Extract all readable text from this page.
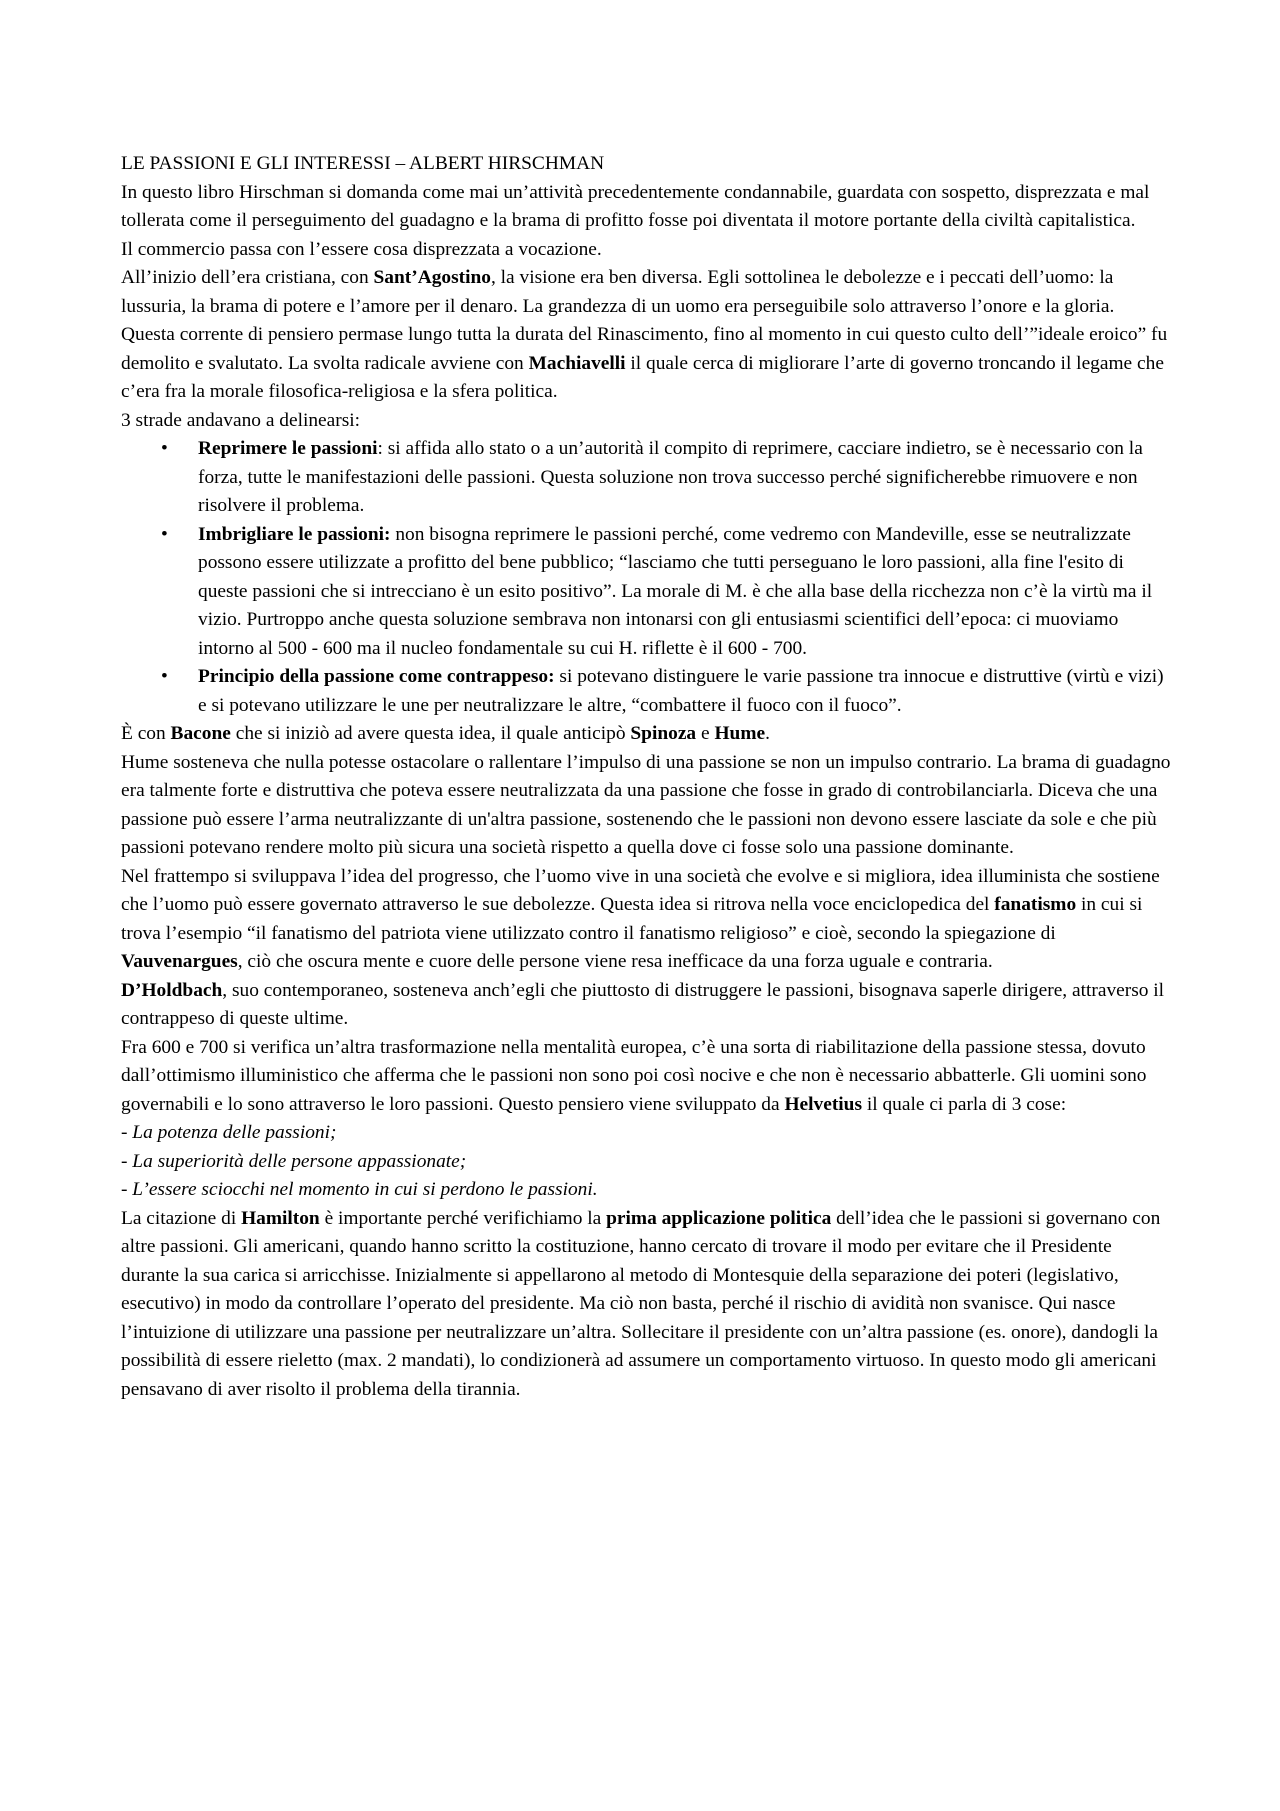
LE PASSIONI E GLI INTERESSI – ALBERT HIRSCHMAN

In questo libro Hirschman si domanda come mai un’attività precedentemente condannabile, guardata con sospetto, disprezzata e mal tollerata come il perseguimento del guadagno e la brama di profitto fosse poi diventata il motore portante della civiltà capitalistica.

Il commercio passa con l’essere cosa disprezzata a vocazione.

All’inizio dell’era cristiana, con Sant’Agostino, la visione era ben diversa. Egli sottolinea le debolezze e i peccati dell’uomo: la lussuria, la brama di potere e l’amore per il denaro. La grandezza di un uomo era perseguibile solo attraverso l’onore e la gloria. Questa corrente di pensiero permase lungo tutta la durata del Rinascimento, fino al momento in cui questo culto dell’”ideale eroico” fu demolito e svalutato. La svolta radicale avviene con Machiavelli il quale cerca di migliorare l’arte di governo troncando il legame che c’era fra la morale filosofica-religiosa e la sfera politica.

3 strade andavano a delinearsi:

• Reprimere le passioni: si affida allo stato o a un’autorità il compito di reprimere, cacciare indietro, se è necessario con la forza, tutte le manifestazioni delle passioni. Questa soluzione non trova successo perché significherebbe rimuovere e non risolvere il problema.
• Imbrigliare le passioni: non bisogna reprimere le passioni perché, come vedremo con Mandeville, esse se neutralizzate possono essere utilizzate a profitto del bene pubblico; “lasciamo che tutti perseguano le loro passioni, alla fine l'esito di queste passioni che si intrecciano è un esito positivo”. La morale di M. è che alla base della ricchezza non c’è la virtù ma il vizio. Purtroppo anche questa soluzione sembrava non intonarsi con gli entusiasmi scientifici dell’epoca: ci muoviamo intorno al 500 - 600 ma il nucleo fondamentale su cui H. riflette è il 600 - 700.
• Principio della passione come contrappeso: si potevano distinguere le varie passione tra innocue e distruttive (virtù e vizi) e si potevano utilizzare le une per neutralizzare le altre, “combattere il fuoco con il fuoco”.

È con Bacone che si iniziò ad avere questa idea, il quale anticipò Spinoza e Hume.

Hume sosteneva che nulla potesse ostacolare o rallentare l’impulso di una passione se non un impulso contrario. La brama di guadagno era talmente forte e distruttiva che poteva essere neutralizzata da una passione che fosse in grado di controbilanciarla. Diceva che una passione può essere l’arma neutralizzante di un'altra passione, sostenendo che le passioni non devono essere lasciate da sole e che più passioni potevano rendere molto più sicura una società rispetto a quella dove ci fosse solo una passione dominante.

Nel frattempo si sviluppava l’idea del progresso, che l’uomo vive in una società che evolve e si migliora, idea illuminista che sostiene che l’uomo può essere governato attraverso le sue debolezze. Questa idea si ritrova nella voce enciclopedica del fanatismo in cui si trova l’esempio “il fanatismo del patriota viene utilizzato contro il fanatismo religioso” e cioè, secondo la spiegazione di Vauvenargues, ciò che oscura mente e cuore delle persone viene resa inefficace da una forza uguale e contraria.

D’Holdbach, suo contemporaneo, sosteneva anch’egli che piuttosto di distruggere le passioni, bisognava saperle dirigere, attraverso il contrappeso di queste ultime.

Fra 600 e 700 si verifica un’altra trasformazione nella mentalità europea, c’è una sorta di riabilitazione della passione stessa, dovuto dall’ottimismo illuministico che afferma che le passioni non sono poi così nocive e che non è necessario abbatterle. Gli uomini sono governabili e lo sono attraverso le loro passioni. Questo pensiero viene sviluppato da Helvetius il quale ci parla di 3 cose:

- La potenza delle passioni;

- La superiorità delle persone appassionate;

- L’essere sciocchi nel momento in cui si perdono le passioni.

La citazione di Hamilton è importante perché verifichiamo la prima applicazione politica dell’idea che le passioni si governano con altre passioni. Gli americani, quando hanno scritto la costituzione, hanno cercato di trovare il modo per evitare che il Presidente durante la sua carica si arricchisse. Inizialmente si appellarono al metodo di Montesquie della separazione dei poteri (legislativo, esecutivo) in modo da controllare l’operato del presidente. Ma ciò non basta, perché il rischio di avidità non svanisce. Qui nasce l’intuizione di utilizzare una passione per neutralizzare un’altra. Sollecitare il presidente con un’altra passione (es. onore), dandogli la possibilità di essere rieletto (max. 2 mandati), lo condizionerà ad assumere un comportamento virtuoso. In questo modo gli americani pensavano di aver risolto il problema della tirannia.
